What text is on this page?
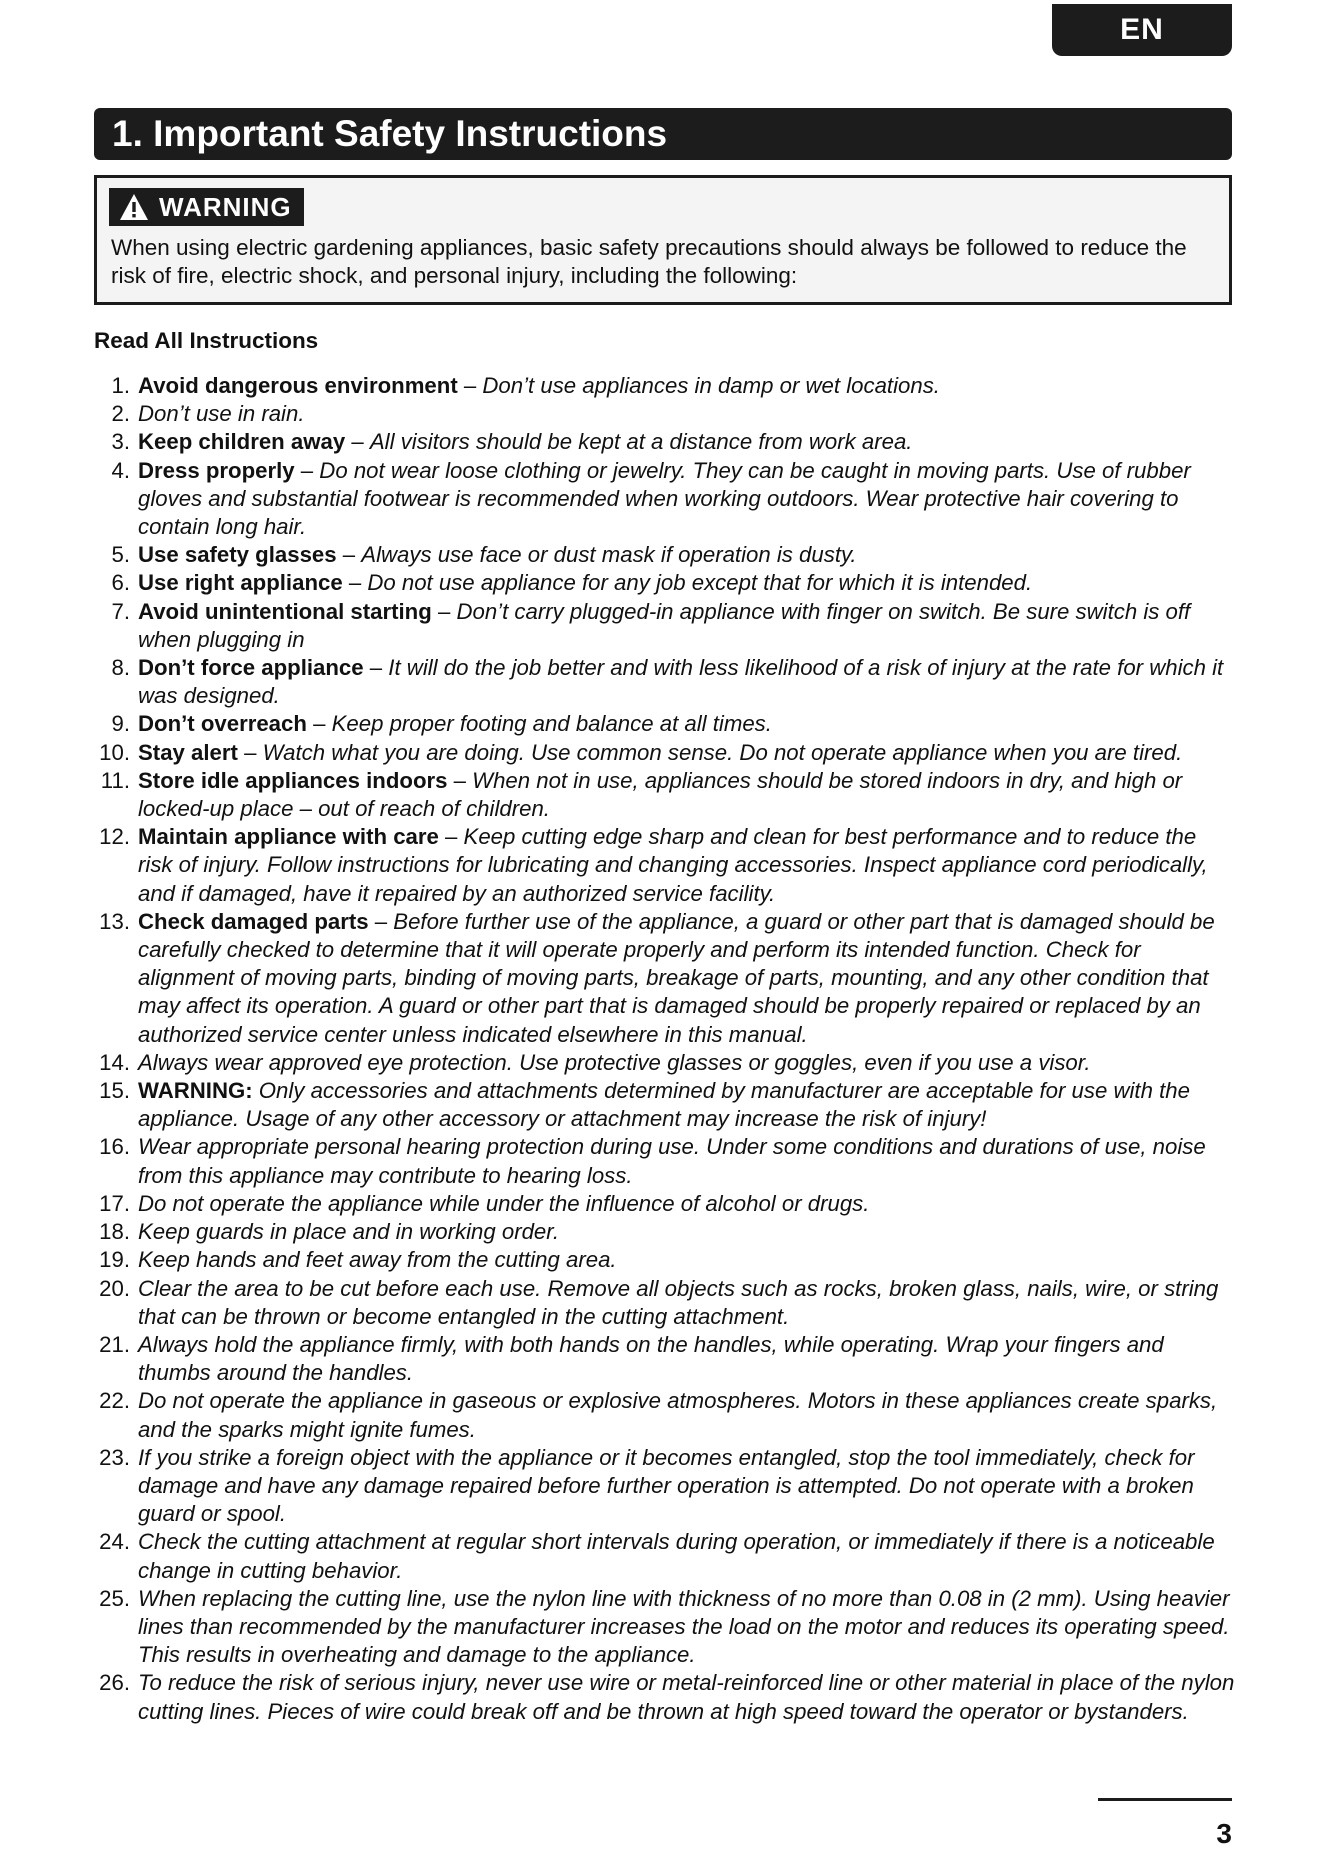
EN
1. Important Safety Instructions
WARNING
When using electric gardening appliances, basic safety precautions should always be followed to reduce the risk of fire, electric shock, and personal injury, including the following:
Read All Instructions
1. Avoid dangerous environment – Don’t use appliances in damp or wet locations.
2. Don’t use in rain.
3. Keep children away – All visitors should be kept at a distance from work area.
4. Dress properly – Do not wear loose clothing or jewelry. They can be caught in moving parts. Use of rubber gloves and substantial footwear is recommended when working outdoors. Wear protective hair covering to contain long hair.
5. Use safety glasses – Always use face or dust mask if operation is dusty.
6. Use right appliance – Do not use appliance for any job except that for which it is intended.
7. Avoid unintentional starting – Don’t carry plugged-in appliance with finger on switch. Be sure switch is off when plugging in
8. Don’t force appliance – It will do the job better and with less likelihood of a risk of injury at the rate for which it was designed.
9. Don’t overreach – Keep proper footing and balance at all times.
10. Stay alert – Watch what you are doing. Use common sense. Do not operate appliance when you are tired.
11. Store idle appliances indoors – When not in use, appliances should be stored indoors in dry, and high or locked-up place – out of reach of children.
12. Maintain appliance with care – Keep cutting edge sharp and clean for best performance and to reduce the risk of injury. Follow instructions for lubricating and changing accessories. Inspect appliance cord periodically, and if damaged, have it repaired by an authorized service facility.
13. Check damaged parts – Before further use of the appliance, a guard or other part that is damaged should be carefully checked to determine that it will operate properly and perform its intended function. Check for alignment of moving parts, binding of moving parts, breakage of parts, mounting, and any other condition that may affect its operation. A guard or other part that is damaged should be properly repaired or replaced by an authorized service center unless indicated elsewhere in this manual.
14. Always wear approved eye protection. Use protective glasses or goggles, even if you use a visor.
15. WARNING: Only accessories and attachments determined by manufacturer are acceptable for use with the appliance. Usage of any other accessory or attachment may increase the risk of injury!
16. Wear appropriate personal hearing protection during use. Under some conditions and durations of use, noise from this appliance may contribute to hearing loss.
17. Do not operate the appliance while under the influence of alcohol or drugs.
18. Keep guards in place and in working order.
19. Keep hands and feet away from the cutting area.
20. Clear the area to be cut before each use. Remove all objects such as rocks, broken glass, nails, wire, or string that can be thrown or become entangled in the cutting attachment.
21. Always hold the appliance firmly, with both hands on the handles, while operating. Wrap your fingers and thumbs around the handles.
22. Do not operate the appliance in gaseous or explosive atmospheres. Motors in these appliances create sparks, and the sparks might ignite fumes.
23. If you strike a foreign object with the appliance or it becomes entangled, stop the tool immediately, check for damage and have any damage repaired before further operation is attempted. Do not operate with a broken guard or spool.
24. Check the cutting attachment at regular short intervals during operation, or immediately if there is a noticeable change in cutting behavior.
25. When replacing the cutting line, use the nylon line with thickness of no more than 0.08 in (2 mm). Using heavier lines than recommended by the manufacturer increases the load on the motor and reduces its operating speed. This results in overheating and damage to the appliance.
26. To reduce the risk of serious injury, never use wire or metal-reinforced line or other material in place of the nylon cutting lines. Pieces of wire could break off and be thrown at high speed toward the operator or bystanders.
3
